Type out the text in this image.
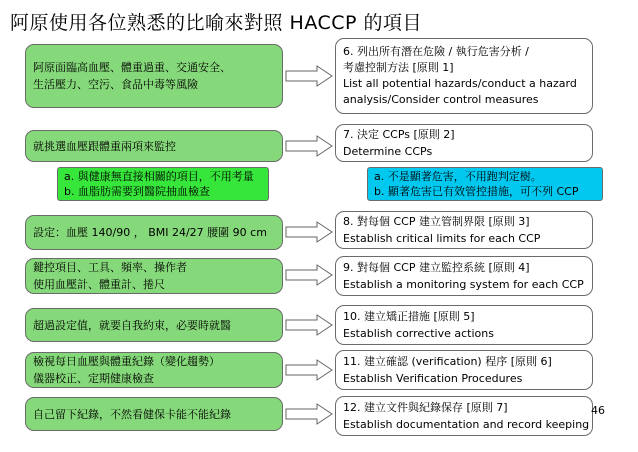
阿原使用各位熟悉的比喻來對照 HACCP 的項目
阿原面臨高血壓、體重過重、交通安全、
生活壓力、空污、食品中毒等風險
就挑選血壓跟體重兩項來監控
a. 與健康無直接相關的項目，不用考量
b. 血脂肪需要到醫院抽血檢查
設定：血壓 140/90 ， BMI 24/27 腰圍 90 cm
鍵控項目、工具、頻率、操作者
使用血壓計、體重計、捲尺
超過設定值，就要自我約束，必要時就醫
檢視每日血壓與體重紀錄（變化趨勢）
儀器校正、定期健康檢查
自己留下紀錄，不然看健保卡能不能紀錄
6. 列出所有潛在危險 / 執行危害分析 /
考慮控制方法 [原則 1]
List all potential hazards/conduct a hazard
analysis/Consider control measures
7. 決定 CCPs [原則 2]
Determine CCPs
a. 不是顯著危害，不用跑判定樹。
b. 顯著危害已有效管控措施，可不列 CCP
8. 對每個 CCP 建立管制界限 [原則 3]
Establish critical limits for each CCP
9. 對每個 CCP 建立監控系統 [原則 4]
Establish a monitoring system for each CCP
10. 建立矯正措施 [原則 5]
Establish corrective actions
11. 建立確認 (verification) 程序 [原則 6]
Establish Verification Procedures
12. 建立文件與紀錄保存 [原則 7]
Establish documentation and record keeping
46
